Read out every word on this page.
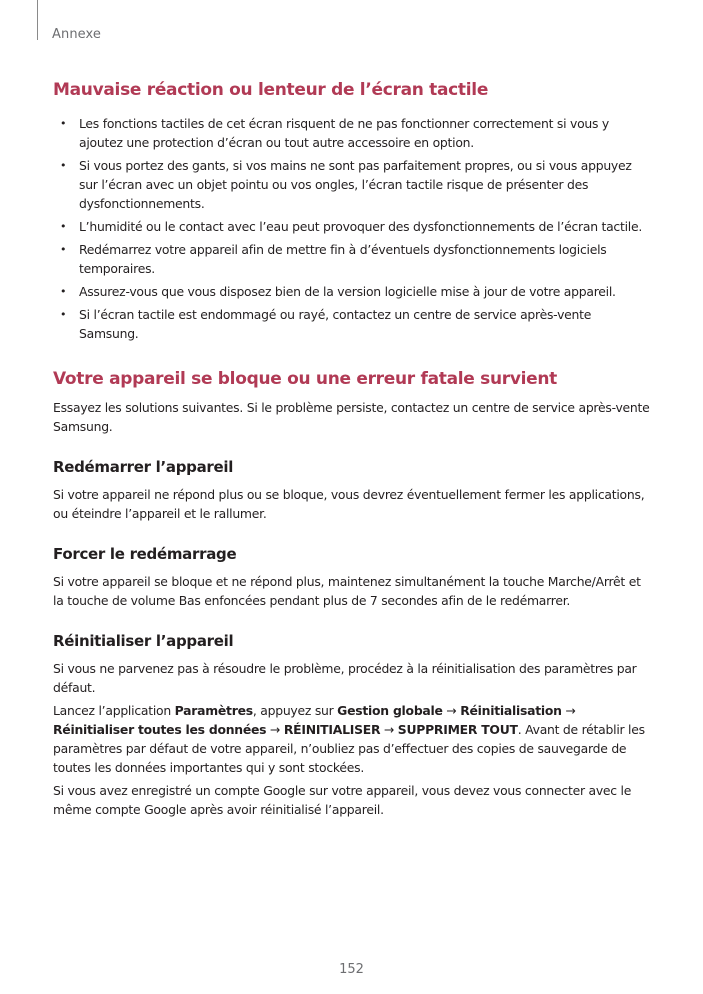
Annexe
Mauvaise réaction ou lenteur de l’écran tactile
• Les fonctions tactiles de cet écran risquent de ne pas fonctionner correctement si vous y ajoutez une protection d’écran ou tout autre accessoire en option.
• Si vous portez des gants, si vos mains ne sont pas parfaitement propres, ou si vous appuyez sur l’écran avec un objet pointu ou vos ongles, l’écran tactile risque de présenter des dysfonctionnements.
• L’humidité ou le contact avec l’eau peut provoquer des dysfonctionnements de l’écran tactile.
• Redémarrez votre appareil afin de mettre fin à d’éventuels dysfonctionnements logiciels temporaires.
• Assurez-vous que vous disposez bien de la version logicielle mise à jour de votre appareil.
• Si l’écran tactile est endommagé ou rayé, contactez un centre de service après-vente Samsung.
Votre appareil se bloque ou une erreur fatale survient

Essayez les solutions suivantes. Si le problème persiste, contactez un centre de service après-vente Samsung.

Redémarrer l’appareil

Si votre appareil ne répond plus ou se bloque, vous devrez éventuellement fermer les applications, ou éteindre l’appareil et le rallumer.

Forcer le redémarrage

Si votre appareil se bloque et ne répond plus, maintenez simultanément la touche Marche/Arrêt et la touche de volume Bas enfoncées pendant plus de 7 secondes afin de le redémarrer.

Réinitialiser l’appareil

Si vous ne parvenez pas à résoudre le problème, procédez à la réinitialisation des paramètres par défaut.

Lancez l’application Paramètres, appuyez sur Gestion globale → Réinitialisation → Réinitialiser toutes les données → RÉINITIALISER → SUPPRIMER TOUT. Avant de rétablir les paramètres par défaut de votre appareil, n’oubliez pas d’effectuer des copies de sauvegarde de toutes les données importantes qui y sont stockées.

Si vous avez enregistré un compte Google sur votre appareil, vous devez vous connecter avec le même compte Google après avoir réinitialisé l’appareil.

152
